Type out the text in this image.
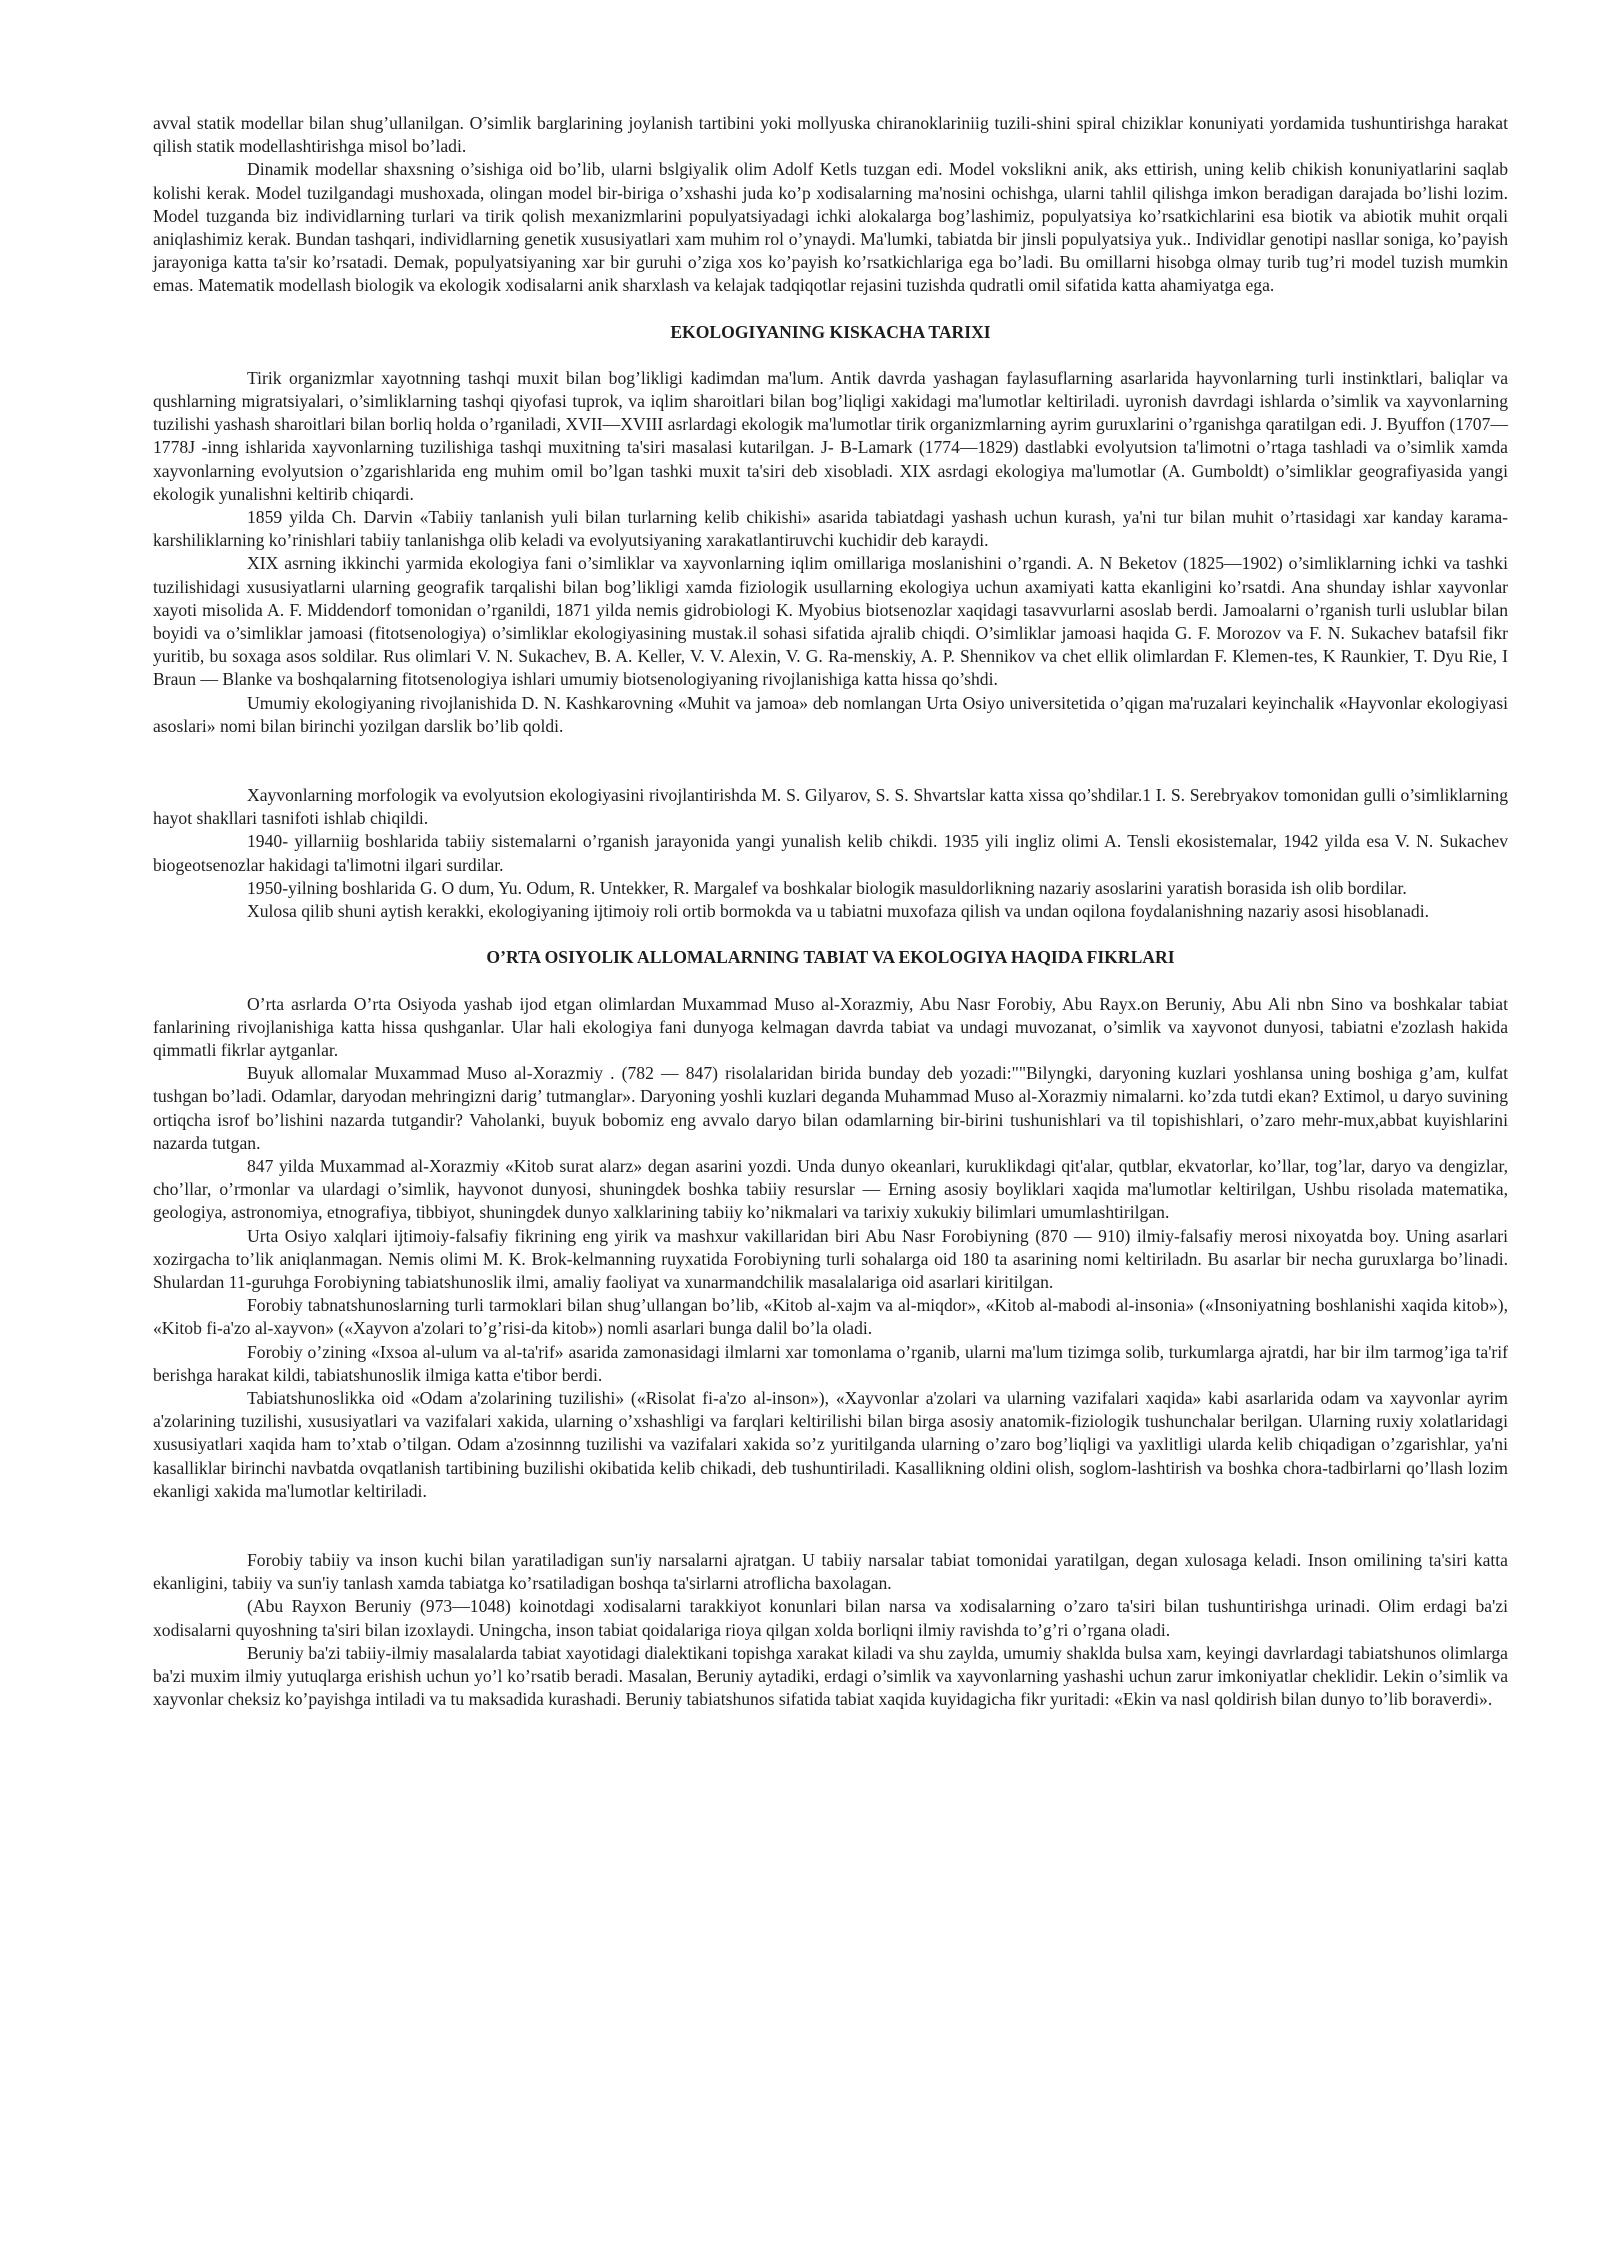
avval statik modellar bilan shug’ullanilgan. O’simlik barglarining joylanish tartibini yoki mollyuska chiranoklariniig tuzili-shini spiral chiziklar konuniyati yordamida tushuntirishga harakat qilish statik modellashtirishga misol bo’ladi.

Dinamik modellar shaxsning o’sishiga oid bo’lib, ularni bslgiyalik olim Adolf Ketls tuzgan edi. Model vokslikni anik, aks ettirish, uning kelib chikish konuniyatlarini saqlab kolishi kerak. Model tuzilgandagi mushoxada, olingan model bir-biriga o’xshashi juda ko’p xodisalarning ma'nosini ochishga, ularni tahlil qilishga imkon beradigan darajada bo’lishi lozim. Model tuzganda biz individlarning turlari va tirik qolish mexanizmlarini populyatsiyadagi ichki alokalarga bog’lashimiz, populyatsiya ko’rsatkichlarini esa biotik va abiotik muhit orqali aniqlashimiz kerak. Bundan tashqari, individlarning genetik xususiyatlari xam muhim rol o’ynaydi. Ma'lumki, tabiatda bir jinsli populyatsiya yuk.. Individlar genotipi nasllar soniga, ko’payish jarayoniga katta ta'sir ko’rsatadi. Demak, populyatsiyaning xar bir guruhi o’ziga xos ko’payish ko’rsatkichlariga ega bo’ladi. Bu omillarni hisobga olmay turib tug’ri model tuzish mumkin emas. Matematik modellash biologik va ekologik xodisalarni anik sharxlash va kelajak tadqiqotlar rejasini tuzishda qudratli omil sifatida katta ahamiyatga ega.

EKOLOGIYANING KISKACHA TARIXI

Tirik organizmlar xayotnning tashqi muxit bilan bog’likligi kadimdan ma'lum. Antik davrda yashagan faylasuflarning asarlarida hayvonlarning turli instinktlari, baliqlar va qushlarning migratsiyalari, o’simliklarning tashqi qiyofasi tuprok, va iqlim sharoitlari bilan bog’liqligi xakidagi ma'lumotlar keltiriladi. uyronish davrdagi ishlarda o’simlik va xayvonlarning tuzilishi yashash sharoitlari bilan borliq holda o’rganiladi, XVII—XVIII asrlardagi ekologik ma'lumotlar tirik organizmlarning ayrim guruxlarini o’rganishga qaratilgan edi. J. Byuffon (1707—1778J -inng ishlarida xayvonlarning tuzilishiga tashqi muxitning ta'siri masalasi kutarilgan. J- B-Lamark (1774—1829) dastlabki evolyutsion ta'limotni o’rtaga tashladi va o’simlik xamda xayvonlarning evolyutsion o’zgarishlarida eng muhim omil bo’lgan tashki muxit ta'siri deb xisobladi. XIX asrdagi ekologiya ma'lumotlar (A. Gumboldt) o’simliklar geografiyasida yangi ekologik yunalishni keltirib chiqardi.

1859 yilda Ch. Darvin «Tabiiy tanlanish yuli bilan turlarning kelib chikishi» asarida tabiatdagi yashash uchun kurash, ya'ni tur bilan muhit o’rtasidagi xar kanday karama-karshiliklarning ko’rinishlari tabiiy tanlanishga olib keladi va evolyutsiyaning xarakatlantiruvchi kuchidir deb karaydi.

XIX asrning ikkinchi yarmida ekologiya fani o’simliklar va xayvonlarning iqlim omillariga moslanishini o’rgandi. A. N Beketov (1825—1902) o’simliklarning ichki va tashki tuzilishidagi xususiyatlarni ularning geografik tarqalishi bilan bog’likligi xamda fiziologik usullarning ekologiya uchun axamiyati katta ekanligini ko’rsatdi. Ana shunday ishlar xayvonlar xayoti misolida A. F. Middendorf tomonidan o’rganildi, 1871 yilda nemis gidrobiologi K. Myobius biotsenozlar xaqidagi tasavvurlarni asoslab berdi. Jamoalarni o’rganish turli uslublar bilan boyidi va o’simliklar jamoasi (fitotsenologiya) o’simliklar ekologiyasining mustak.il sohasi sifatida ajralib chiqdi. O’simliklar jamoasi haqida G. F. Morozov va F. N. Sukachev batafsil fikr yuritib, bu soxaga asos soldilar. Rus olimlari V. N. Sukachev, B. A. Keller, V. V. Alexin, V. G. Ra-menskiy, A. P. Shennikov va chet ellik olimlardan F. Klemen-tes, K Raunkier, T. Dyu Rie, I Braun — Blanke va boshqalarning fitotsenologiya ishlari umumiy biotsenologiyaning rivojlanishiga katta hissa qo’shdi.

Umumiy ekologiyaning rivojlanishida D. N. Kashkarovning «Muhit va jamoa» deb nomlangan Urta Osiyo universitetida o’qigan ma'ruzalari keyinchalik «Hayvonlar ekologiyasi asoslari» nomi bilan birinchi yozilgan darslik bo’lib qoldi.

Xayvonlarning morfologik va evolyutsion ekologiyasini rivojlantirishda M. S. Gilyarov, S. S. Shvartslar katta xissa qo’shdilar.1 I. S. Serebryakov tomonidan gulli o’simliklarning hayot shakllari tasnifoti ishlab chiqildi.

1940- yillarniig boshlarida tabiiy sistemalarni o’rganish jarayonida yangi yunalish kelib chikdi. 1935 yili ingliz olimi A. Tensli ekosistemalar, 1942 yilda esa V. N. Sukachev biogeotsenozlar hakidagi ta'limotni ilgari surdilar.

1950-yilning boshlarida G. O dum, Yu. Odum, R. Untekker, R. Margalef va boshkalar biologik masuldorlikning nazariy asoslarini yaratish borasida ish olib bordilar.

Xulosa qilib shuni aytish kerakki, ekologiyaning ijtimoiy roli ortib bormokda va u tabiatni muxofaza qilish va undan oqilona foydalanishning nazariy asosi hisoblanadi.

O’RTA OSIYOLIK ALLOMALARNING TABIAT VA EKOLOGIYA HAQIDA FIKRLARI

O’rta asrlarda O’rta Osiyoda yashab ijod etgan olimlardan Muxammad Muso al-Xorazmiy, Abu Nasr Forobiy, Abu Rayx.on Beruniy, Abu Ali nbn Sino va boshkalar tabiat fanlarining rivojlanishiga katta hissa qushganlar. Ular hali ekologiya fani dunyoga kelmagan davrda tabiat va undagi muvozanat, o’simlik va xayvonot dunyosi, tabiatni e'zozlash hakida qimmatli fikrlar aytganlar.

Buyuk allomalar Muxammad Muso al-Xorazmiy . (782 — 847) risolalaridan birida bunday deb yozadi:""Bilyngki, daryoning kuzlari yoshlansa uning boshiga g’am, kulfat tushgan bo’ladi. Odamlar, daryodan mehringizni darig’ tutmanglar». Daryoning yoshli kuzlari deganda Muhammad Muso al-Xorazmiy nimalarni. ko’zda tutdi ekan? Extimol, u daryo suvining ortiqcha isrof bo’lishini nazarda tutgandir? Vaholanki, buyuk bobomiz eng avvalo daryo bilan odamlarning bir-birini tushunishlari va til topishishlari, o’zaro mehr-mux,abbat kuyishlarini nazarda tutgan.

847 yilda Muxammad al-Xorazmiy «Kitob surat alarz» degan asarini yozdi. Unda dunyo okeanlari, kuruklikdagi qit'alar, qutblar, ekvatorlar, ko’llar, tog’lar, daryo va dengizlar, cho’llar, o’rmonlar va ulardagi o’simlik, hayvonot dunyosi, shuningdek boshka tabiiy resurslar — Erning asosiy boyliklari xaqida ma'lumotlar keltirilgan, Ushbu risolada matematika, geologiya, astronomiya, etnografiya, tibbiyot, shuningdek dunyo xalklarining tabiiy ko’nikmalari va tarixiy xukukiy bilimlari umumlashtirilgan.

Urta Osiyo xalqlari ijtimoiy-falsafiy fikrining eng yirik va mashxur vakillaridan biri Abu Nasr Forobiyning (870 — 910) ilmiy-falsafiy merosi nixoyatda boy. Uning asarlari xozirgacha to’lik aniqlanmagan. Nemis olimi M. K. Brok-kelmanning ruyxatida Forobiyning turli sohalarga oid 180 ta asarining nomi keltiriladn. Bu asarlar bir necha guruxlarga bo’linadi. Shulardan 11-guruhga Forobiyning tabiatshunoslik ilmi, amaliy faoliyat va xunarmandchilik masalalariga oid asarlari kiritilgan.

Forobiy tabnatshunoslarning turli tarmoklari bilan shug’ullangan bo’lib, «Kitob al-xajm va al-miqdor», «Kitob al-mabodi al-insonia» («Insoniyatning boshlanishi xaqida kitob»), «Kitob fi-a'zo al-xayvon» («Xayvon a'zolari to’g’risi-da kitob») nomli asarlari bunga dalil bo’la oladi.

Forobiy o’zining «Ixsoa al-ulum va al-ta'rif» asarida zamonasidagi ilmlarni xar tomonlama o’rganib, ularni ma'lum tizimga solib, turkumlarga ajratdi, har bir ilm tarmog’iga ta'rif berishga harakat kildi, tabiatshunoslik ilmiga katta e'tibor berdi.

Tabiatshunoslikka oid «Odam a'zolarining tuzilishi» («Risolat fi-a'zo al-inson»), «Xayvonlar a'zolari va ularning vazifalari xaqida» kabi asarlarida odam va xayvonlar ayrim a'zolarining tuzilishi, xususiyatlari va vazifalari xakida, ularning o’xshashligi va farqlari keltirilishi bilan birga asosiy anatomik-fiziologik tushunchalar berilgan. Ularning ruxiy xolatlaridagi xususiyatlari xaqida ham to’xtab o’tilgan. Odam a'zosinnng tuzilishi va vazifalari xakida so’z yuritilganda ularning o’zaro bog’liqligi va yaxlitligi ularda kelib chiqadigan o’zgarishlar, ya'ni kasalliklar birinchi navbatda ovqatlanish tartibining buzilishi okibatida kelib chikadi, deb tushuntiriladi. Kasallikning oldini olish, soglom-lashtirish va boshka chora-tadbirlarni qo’llash lozim ekanligi xakida ma'lumotlar keltiriladi.

Forobiy tabiiy va inson kuchi bilan yaratiladigan sun'iy narsalarni ajratgan. U tabiiy narsalar tabiat tomonidai yaratilgan, degan xulosaga keladi. Inson omilining ta'siri katta ekanligini, tabiiy va sun'iy tanlash xamda tabiatga ko’rsatiladigan boshqa ta'sirlarni atroflicha baxolagan.

(Abu Rayxon Beruniy (973—1048) koinotdagi xodisalarni tarakkiyot konunlari bilan narsa va xodisalarning o’zaro ta'siri bilan tushuntirishga urinadi. Olim erdagi ba'zi xodisalarni quyoshning ta'siri bilan izoxlaydi. Uningcha, inson tabiat qoidalariga rioya qilgan xolda borliqni ilmiy ravishda to’g’ri o’rgana oladi.

Beruniy ba'zi tabiiy-ilmiy masalalarda tabiat xayotidagi dialektikani topishga xarakat kiladi va shu zaylda, umumiy shaklda bulsa xam, keyingi davrlardagi tabiatshunos olimlarga ba'zi muxim ilmiy yutuqlarga erishish uchun yo’l ko’rsatib beradi. Masalan, Beruniy aytadiki, erdagi o’simlik va xayvonlarning yashashi uchun zarur imkoniyatlar cheklidir. Lekin o’simlik va xayvonlar cheksiz ko’payishga intiladi va tu maksadida kurashadi. Beruniy tabiatshunos sifatida tabiat xaqida kuyidagicha fikr yuritadi: «Ekin va nasl qoldirish bilan dunyo to’lib boraverdi».
